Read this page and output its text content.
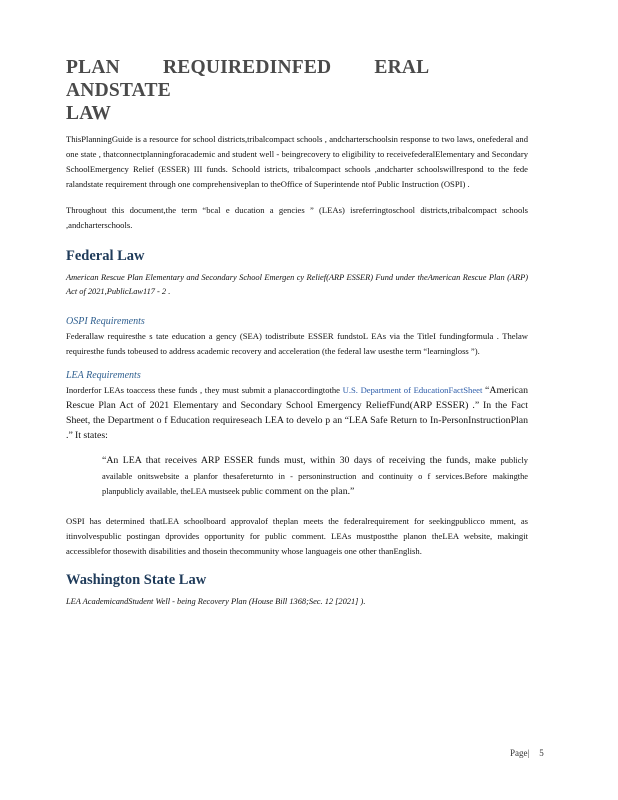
PLAN REQUIREDINFED ERAL ANDSTATE
LAW

ThisPlanningGuide is a resource for school districts,tribalcompact schools , andcharterschoolsin response to two laws, onefederal and one state , thatconnectplanningforacademic and student well - beingrecovery to eligibility to receivefederalElementary and Secondary SchoolEmergency Relief (ESSER) III funds. Schoold istricts, tribalcompact schools ,andcharter schoolswillrespond to the fede ralandstate requirement through one comprehensiveplan to theOffice of Superintende ntof Public Instruction (OSPI) .

Throughout this document,the term “bcal e ducation a gencies ” (LEAs) isreferringtoschool districts,tribalcompact schools ,andcharterschools.

Federal Law

American Rescue Plan Elementary and Secondary School Emergen cy Relief(ARP ESSER) Fund under theAmerican Rescue Plan (ARP) Act of 2021,PublicLaw117 - 2 .

OSPI Requirements

Federallaw requiresthe s tate education a gency (SEA) todistribute ESSER fundstoL EAs via the TitleI fundingformula . Thelaw requiresthe funds tobeused to address academic recovery and acceleration (the federal law usesthe term “learningloss ”).

LEA Requirements

Inorderfor LEAs toaccess these funds , they must submit a planaccordingtothe U.S. Department of EducationFactSheet “American Rescue Plan Act of 2021 Elementary and Secondary School Emergency ReliefFund(ARP ESSER) .” In the Fact Sheet, the Department o f Education requireseach LEA to develo p an “LEA Safe Return to In-PersonInstructionPlan .” It states:

“An LEA that receives ARP ESSER funds must, within 30 days of receiving the funds, make publicly available onitswebsite a planfor thesafereturnto in - personinstruction and continuity o f services.Before makingthe planpublicly available, theLEA mustseek public comment on the plan.”

OSPI has determined thatLEA schoolboard approvalof theplan meets the federalrequirement for seekingpublicco mment, as itinvolvespublic postingan dprovides opportunity for public comment. LEAs mustpostthe planon theLEA website, makingit accessiblefor thosewith disabilities and thosein thecommunity whose languageis one other thanEnglish.

Washington State Law

LEA AcademicandStudent Well - being Recovery Plan (House Bill 1368;Sec. 12 [2021] ).

Page| 5
